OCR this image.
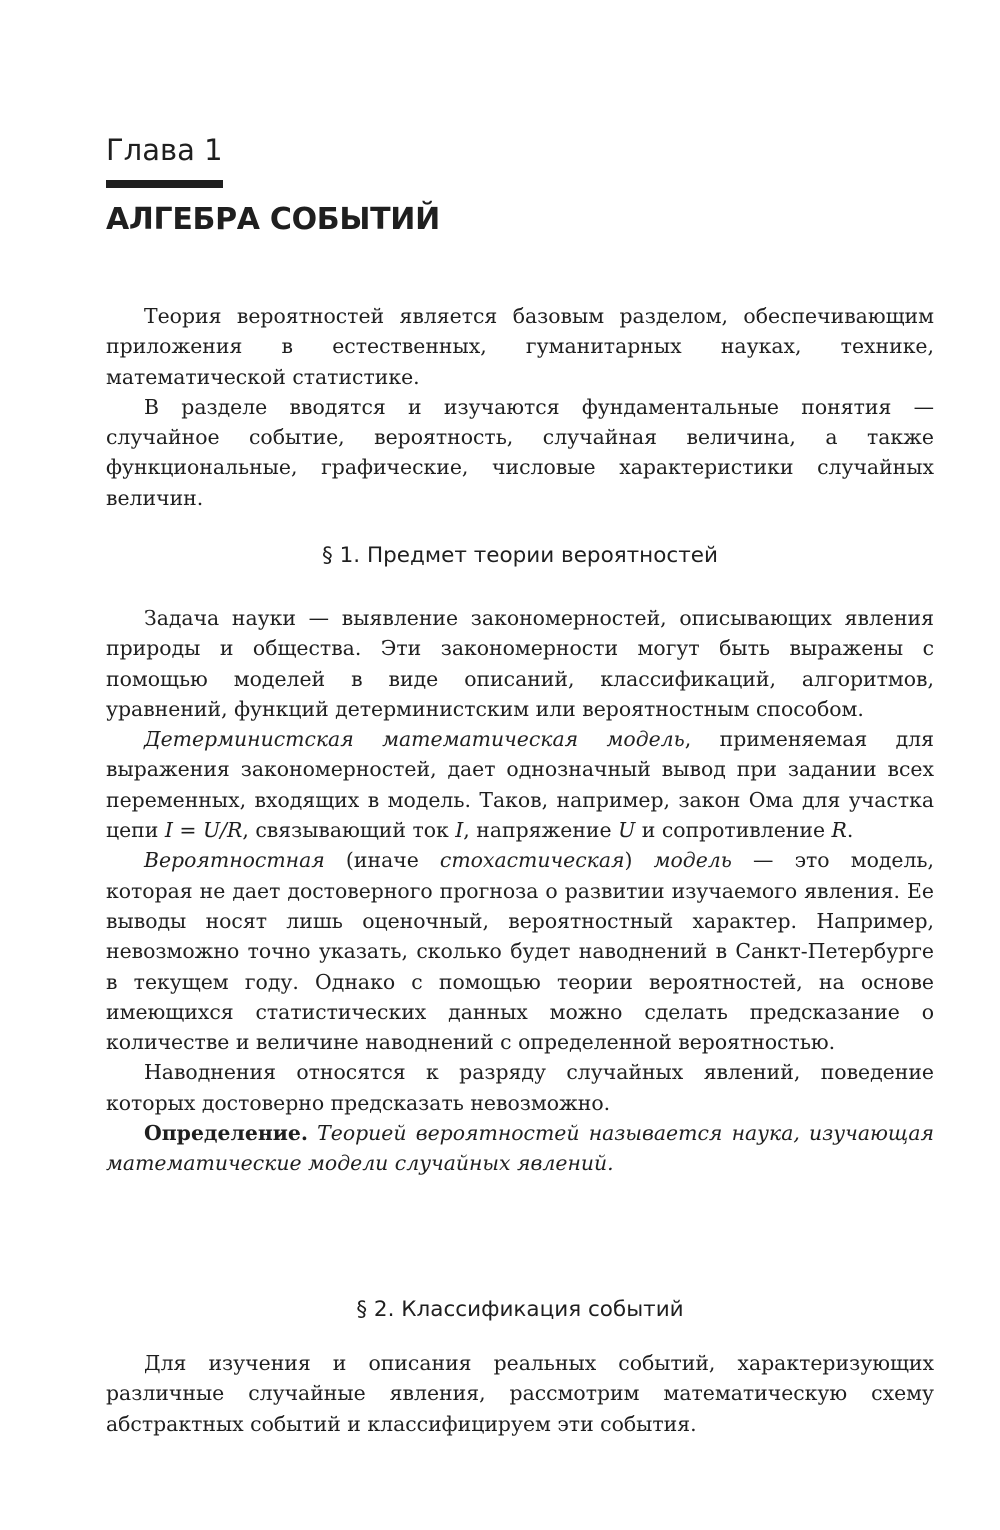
Глава 1
АЛГЕБРА СОБЫТИЙ

Теория вероятностей является базовым разделом, обеспечивающим приложения в естественных, гуманитарных науках, технике, математической статистике.

В разделе вводятся и изучаются фундаментальные понятия — случайное событие, вероятность, случайная величина, а также функциональные, графические, числовые характеристики случайных величин.

§ 1. Предмет теории вероятностей

Задача науки — выявление закономерностей, описывающих явления природы и общества. Эти закономерности могут быть выражены с помощью моделей в виде описаний, классификаций, алгоритмов, уравнений, функций детерминистским или вероятностным способом.

Детерминистская математическая модель, применяемая для выражения закономерностей, дает однозначный вывод при задании всех переменных, входящих в модель. Таков, например, закон Ома для участка цепи I = U/R, связывающий ток I, напряжение U и сопротивление R.

Вероятностная (иначе стохастическая) модель — это модель, которая не дает достоверного прогноза о развитии изучаемого явления. Ее выводы носят лишь оценочный, вероятностный характер. Например, невозможно точно указать, сколько будет наводнений в Санкт-Петербурге в текущем году. Однако с помощью теории вероятностей, на основе имеющихся статистических данных можно сделать предсказание о количестве и величине наводнений с определенной вероятностью.

Наводнения относятся к разряду случайных явлений, поведение которых достоверно предсказать невозможно.

Определение. Теорией вероятностей называется наука, изучающая математические модели случайных явлений.

§ 2. Классификация событий

Для изучения и описания реальных событий, характеризующих различные случайные явления, рассмотрим математическую схему абстрактных событий и классифицируем эти события.
